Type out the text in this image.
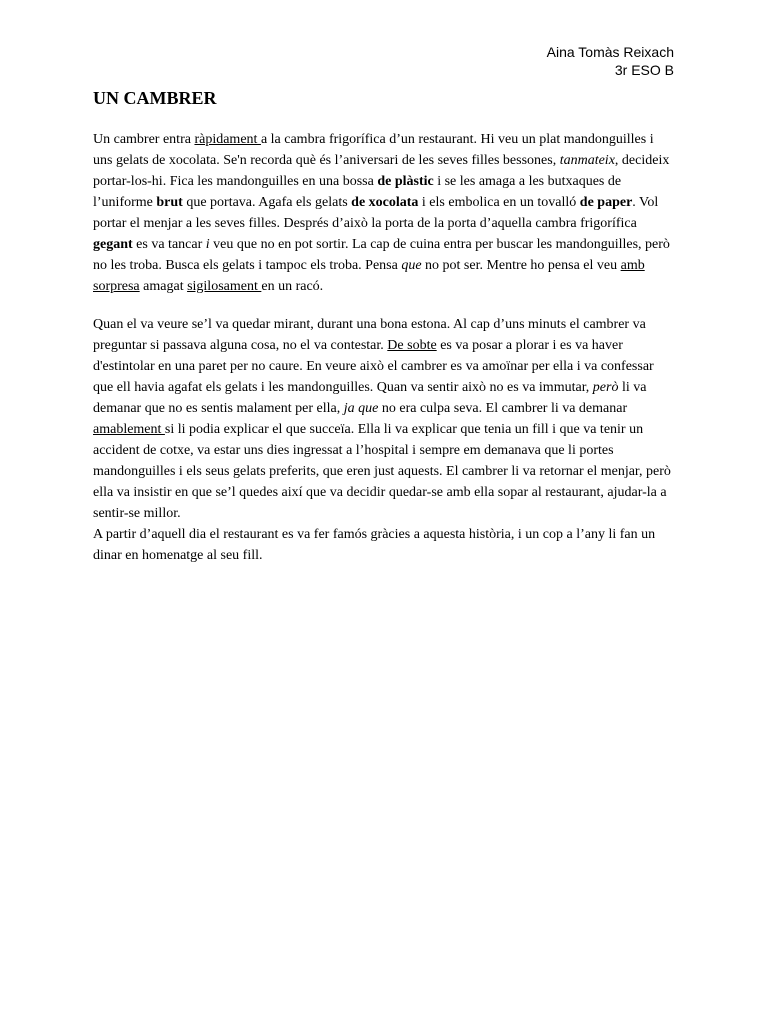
Aina Tomàs Reixach
3r ESO B
UN CAMBRER

Un cambrer entra ràpidament a la cambra frigorífica d’un restaurant. Hi veu un plat mandonguilles i uns gelats de xocolata. Se'n recorda què és l’aniversari de les seves filles bessones, tanmateix, decideix portar-los-hi. Fica les mandonguilles en una bossa de plàstic i se les amaga a les butxaques de l’uniforme brut que portava. Agafa els gelats de xocolata i els embolica en un tovalló de paper. Vol portar el menjar a les seves filles. Després d’això la porta de la porta d’aquella cambra frigorífica gegant es va tancar i veu que no en pot sortir. La cap de cuina entra per buscar les mandonguilles, però no les troba. Busca els gelats i tampoc els troba. Pensa que no pot ser. Mentre ho pensa el veu amb sorpresa amagat sigilosament en un racó.

Quan el va veure se’l va quedar mirant, durant una bona estona. Al cap d’uns minuts el cambrer va preguntar si passava alguna cosa, no el va contestar. De sobte es va posar a plorar i es va haver d'estintolar en una paret per no caure. En veure això el cambrer es va amoïnar per ella i va confessar que ell havia agafat els gelats i les mandonguilles. Quan va sentir això no es va immutar, però li va demanar que no es sentis malament per ella, ja que no era culpa seva. El cambrer li va demanar amablement si li podia explicar el que succeïa. Ella li va explicar que tenia un fill i que va tenir un accident de cotxe, va estar uns dies ingressat a l’hospital i sempre em demanava que li portes mandonguilles i els seus gelats preferits, que eren just aquests. El cambrer li va retornar el menjar, però ella va insistir en que se’l quedes així que va decidir quedar-se amb ella sopar al restaurant, ajudar-la a sentir-se millor.

A partir d’aquell dia el restaurant es va fer famós gràcies a aquesta història, i un cop a l’any li fan un dinar en homenatge al seu fill.
